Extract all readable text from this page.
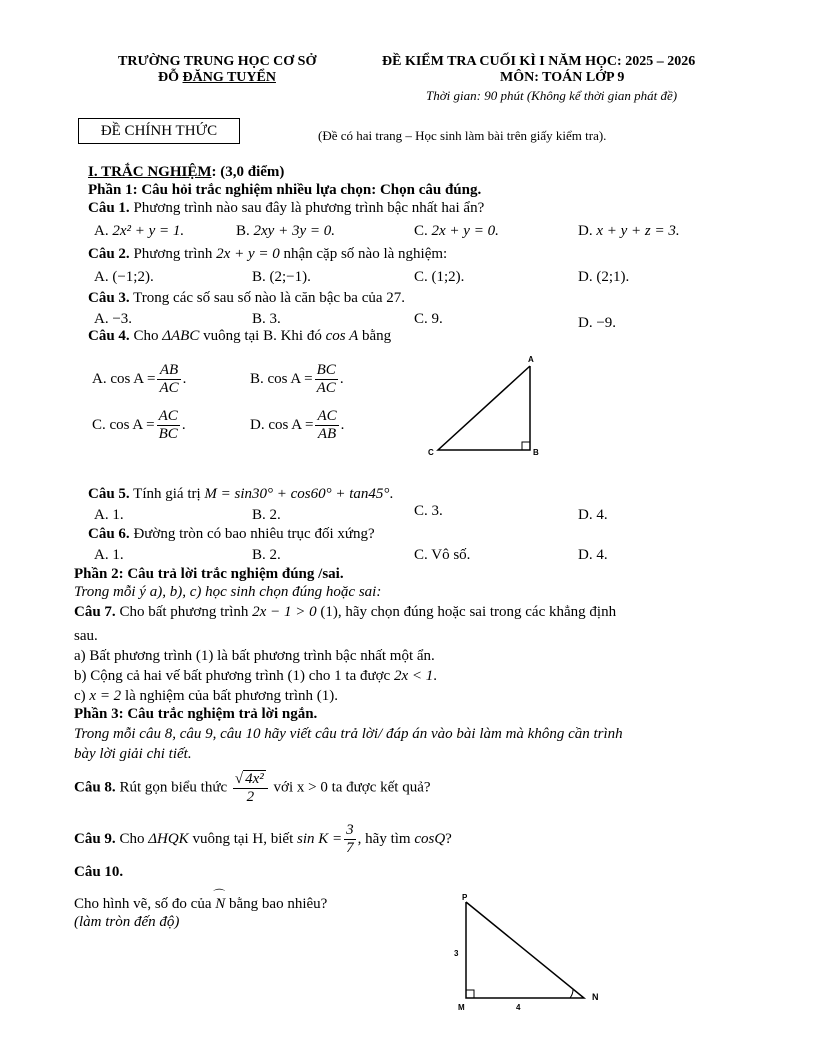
TRƯỜNG TRUNG HỌC CƠ SỞ
ĐỖ ĐĂNG TUYỂN
ĐỀ KIỂM TRA CUỐI KÌ I NĂM HỌC: 2025 – 2026
MÔN: TOÁN LỚP 9
Thời gian: 90 phút (Không kể thời gian phát đề)
ĐỀ CHÍNH THỨC	(Đề có hai trang – Học sinh làm bài trên giấy kiểm tra).
I. TRẮC NGHIỆM: (3,0 điểm)
Phần 1: Câu hỏi trắc nghiệm nhiều lựa chọn: Chọn câu đúng.
Câu 1. Phương trình nào sau đây là phương trình bậc nhất hai ẩn?
A. 2x² + y = 1.	B. 2xy + 3y = 0.	C. 2x + y = 0.	D. x + y + z = 3.
Câu 2. Phương trình 2x + y = 0 nhận cặp số nào là nghiệm:
A. (−1;2).	B. (2;−1).	C. (1;2).	D. (2;1).
Câu 3. Trong các số sau số nào là căn bậc ba của 27.
A. −3.	B. 3.	C. 9.	D. −9.
Câu 4. Cho ΔABC vuông tại B. Khi đó cos A bằng
A. $\cos A = \frac{AB}{AC}$ .	B. $\cos A = \frac{BC}{AC}$ .
C. $\cos A = \frac{AC}{BC}$ .	D. $\cos A = \frac{AC}{AB}$ .
A
B
C
Câu 5. Tính giá trị M = sin30° + cos60° + tan45°.
A. 1.	B. 2.	C. 3.	D. 4.
Câu 6. Đường tròn có bao nhiêu trục đối xứng?
A. 1.	B. 2.	C. Vô số.	D. 4.
Phần 2: Câu trả lời trắc nghiệm đúng /sai.
Trong mỗi ý a), b), c) học sinh chọn đúng hoặc sai:
Câu 7. Cho bất phương trình 2x − 1 > 0 (1), hãy chọn đúng hoặc sai trong các khẳng định
sau.
a) Bất phương trình (1) là bất phương trình bậc nhất một ẩn.
b) Cộng cả hai vế bất phương trình (1) cho 1 ta được 2x < 1.
c) x = 2 là nghiệm của bất phương trình (1).
Phần 3: Câu trắc nghiệm trả lời ngắn.
Trong mỗi câu 8, câu 9, câu 10 hãy viết câu trả lời/ đáp án vào bài làm mà không cần trình
bày lời giải chi tiết.
Câu 8. Rút gọn biểu thức $\frac{\text{√ 4x²}}{2}$ với x > 0 ta được kết quả?
Câu 9. Cho ΔHQK vuông tại H, biết $\sin K = \frac{3}{7}$ , hãy tìm cosQ?
Câu 10.
Cho hình vẽ, số đo của ⌒ N bằng bao nhiêu?
(làm tròn đến độ)
P
M
N
3
4
